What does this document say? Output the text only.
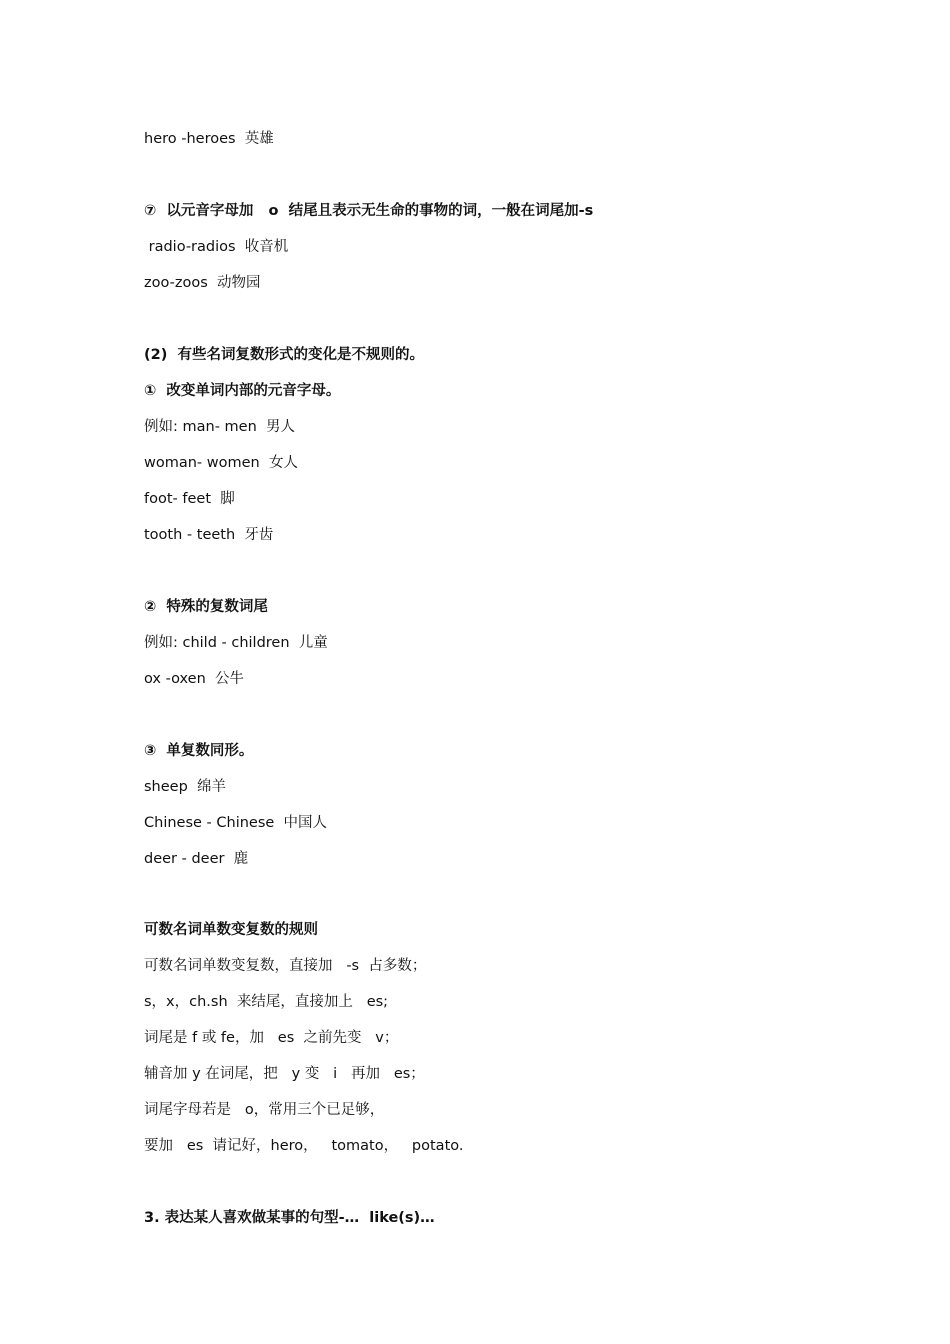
hero -heroes  英雄
⑦  以元音字母加   o  结尾且表示无生命的事物的词，一般在词尾加-s
radio-radios  收音机
zoo-zoos  动物园
(2)  有些名词复数形式的变化是不规则的。
①  改变单词内部的元音字母。
例如: man- men  男人
woman- women  女人
foot- feet  脚
tooth - teeth  牙齿
②  特殊的复数词尾
例如: child - children  儿童
ox -oxen  公牛
③  单复数同形。
sheep  绵羊
Chinese - Chinese  中国人
deer - deer  鹿
可数名词单数变复数的规则
可数名词单数变复数，直接加   -s  占多数；
s，x，ch.sh  来结尾，直接加上   es;
词尾是 f 或 fe，加   es  之前先变   v；
辅音加 y 在词尾，把   y 变   i   再加   es；
词尾字母若是   o，常用三个已足够，
要加   es  请记好，hero，   tomato，   potato.
3. 表达某人喜欢做某事的句型-…  like(s)…
